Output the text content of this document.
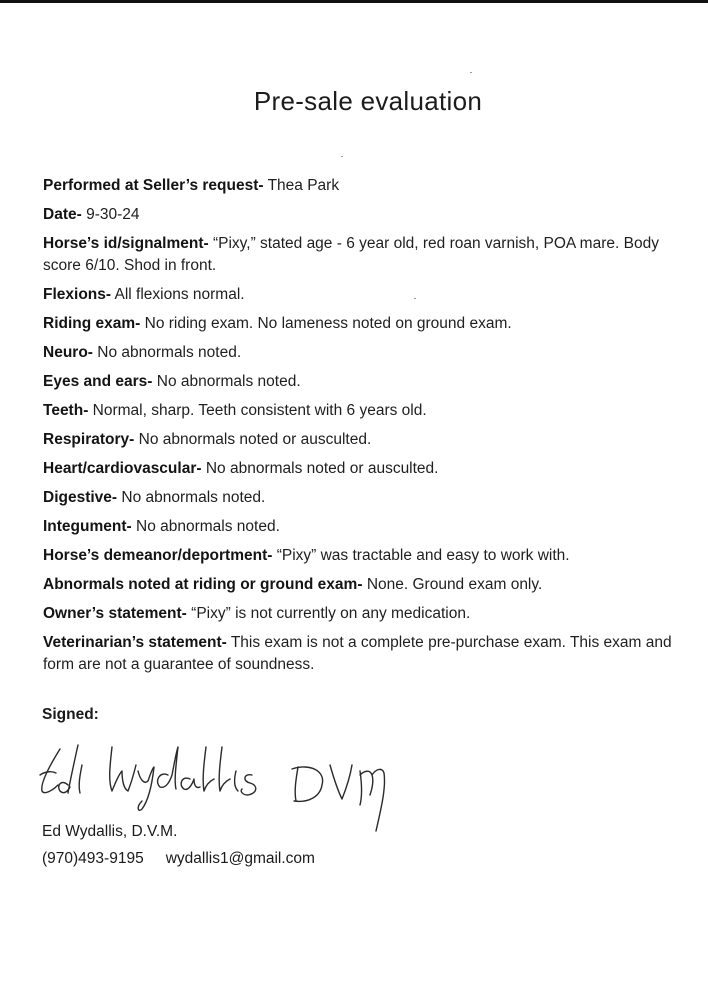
Pre-sale evaluation
Performed at Seller’s request- Thea Park
Date- 9-30-24
Horse’s id/signalment- “Pixy,” stated age - 6 year old, red roan varnish, POA mare. Body score 6/10. Shod in front.
Flexions- All flexions normal.
Riding exam- No riding exam. No lameness noted on ground exam.
Neuro- No abnormals noted.
Eyes and ears- No abnormals noted.
Teeth- Normal, sharp. Teeth consistent with 6 years old.
Respiratory- No abnormals noted or ausculted.
Heart/cardiovascular- No abnormals noted or ausculted.
Digestive- No abnormals noted.
Integument- No abnormals noted.
Horse’s demeanor/deportment- “Pixy” was tractable and easy to work with.
Abnormals noted at riding or ground exam- None. Ground exam only.
Owner’s statement- “Pixy” is not currently on any medication.
Veterinarian’s statement- This exam is not a complete pre-purchase exam. This exam and form are not a guarantee of soundness.
Signed:
Ed Wydallis, D.V.M.
(970)493-9195 wydallis1@gmail.com
